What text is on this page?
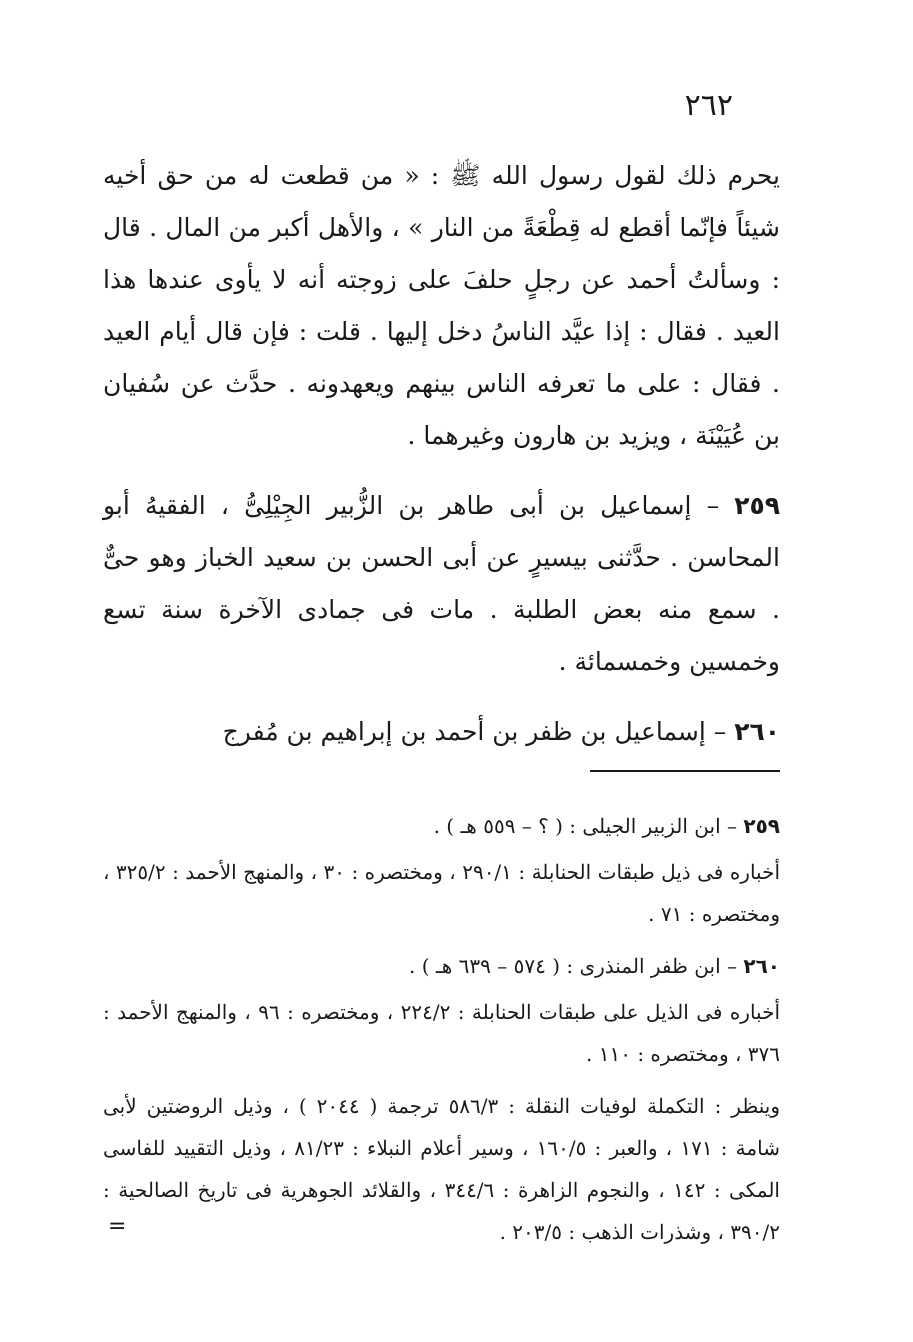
٢٦٢

يحرم ذلك لقول رسول الله ﷺ : « من قطعت له من حق أخيه شيئاً فإنّما أقطع له قِطْعَةً من النار » ، والأهل أكبر من المال . قال : وسألتُ أحمد عن رجلٍ حلفَ على زوجته أنه لا يأوى عندها هذا العيد . فقال : إذا عيَّد الناسُ دخل إليها . قلت : فإن قال أيام العيد . فقال : على ما تعرفه الناس بينهم ويعهدونه . حدَّث عن سُفيان بن عُيَيْنَة ، ويزيد بن هارون وغيرهما .

٢٥٩ – إسماعيل بن أبى طاهر بن الزُّبير الجِيْلِىُّ ، الفقيهُ أبو المحاسن . حدَّثنى بيسيرٍ عن أبى الحسن بن سعيد الخباز وهو حىٌّ . سمع منه بعض الطلبة . مات فى جمادى الآخرة سنة تسع وخمسين وخمسمائة .

٢٦٠ – إسماعيل بن ظفر بن أحمد بن إبراهيم بن مُفرج

٢٥٩ – ابن الزبير الجيلى : ( ؟ – ٥٥٩ هـ ) .

أخباره فى ذيل طبقات الحنابلة : ٢٩٠/١ ، ومختصره : ٣٠ ، والمنهج الأحمد : ٣٢٥/٢ ، ومختصره : ٧١ .

٢٦٠ – ابن ظفر المنذرى : ( ٥٧٤ – ٦٣٩ هـ ) .

أخباره فى الذيل على طبقات الحنابلة : ٢٢٤/٢ ، ومختصره : ٩٦ ، والمنهج الأحمد : ٣٧٦ ، ومختصره : ١١٠ .

وينظر : التكملة لوفيات النقلة : ٥٨٦/٣ ترجمة ( ٢٠٤٤ ) ، وذيل الروضتين لأبى شامة : ١٧١ ، والعبر : ١٦٠/٥ ، وسير أعلام النبلاء : ٨١/٢٣ ، وذيل التقييد للفاسى المكى : ١٤٢ ، والنجوم الزاهرة : ٣٤٤/٦ ، والقلائد الجوهرية فى تاريخ الصالحية : ٣٩٠/٢ ، وشذرات الذهب : ٢٠٣/٥ .

=
